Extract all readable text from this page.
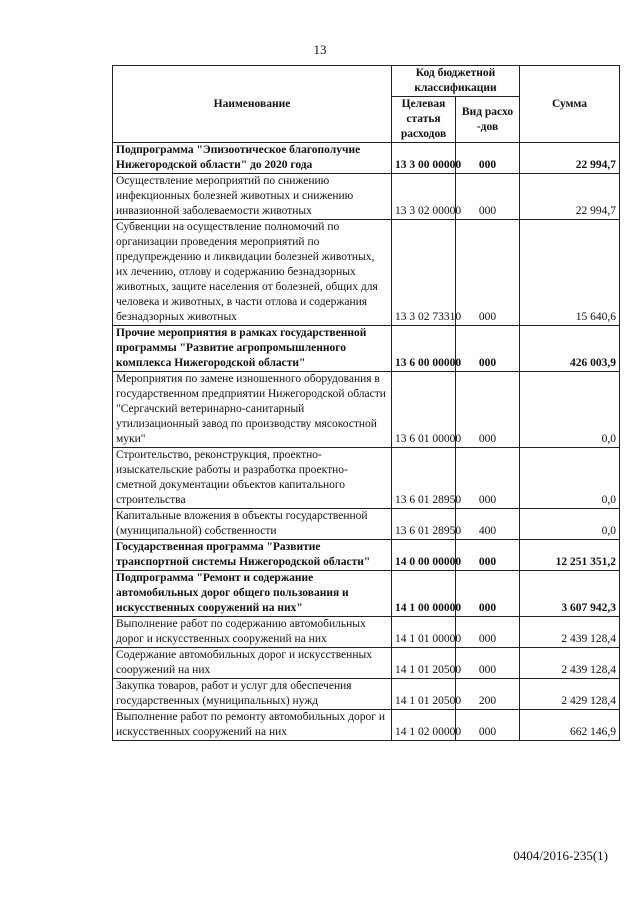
13
Наименование	Код бюджетной классификации		Сумма
	Целевая статья расходов	Вид расхо -дов	
Подпрограмма "Эпизоотическое благополучие Нижегородской области" до 2020 года	13 3 00 00000	000	22 994,7
Осуществление мероприятий по снижению инфекционных болезней животных и снижению инвазионной заболеваемости животных	13 3 02 00000	000	22 994,7
Субвенции на осуществление полномочий по организации проведения мероприятий по предупреждению и ликвидации болезней животных, их лечению, отлову и содержанию безнадзорных животных, защите населения от болезней, общих для человека и животных, в части отлова и содержания безнадзорных животных	13 3 02 73310	000	15 640,6
Прочие мероприятия в рамках государственной программы "Развитие агропромышленного комплекса Нижегородской области"	13 6 00 00000	000	426 003,9
Мероприятия по замене изношенного оборудования в государственном предприятии Нижегородской области "Сергачский ветеринарно-санитарный утилизационный завод по производству мясокостной муки"	13 6 01 00000	000	0,0
Строительство, реконструкция, проектно-изыскательские работы и разработка проектно-сметной документации объектов капитального строительства	13 6 01 28950	000	0,0
Капитальные вложения в объекты государственной (муниципальной) собственности	13 6 01 28950	400	0,0
Государственная программа "Развитие транспортной системы Нижегородской области"	14 0 00 00000	000	12 251 351,2
Подпрограмма "Ремонт и содержание автомобильных дорог общего пользования и искусственных сооружений на них"	14 1 00 00000	000	3 607 942,3
Выполнение работ по содержанию автомобильных дорог и искусственных сооружений на них	14 1 01 00000	000	2 439 128,4
Содержание автомобильных дорог и искусственных сооружений на них	14 1 01 20500	000	2 439 128,4
Закупка товаров, работ и услуг для обеспечения государственных (муниципальных) нужд	14 1 01 20500	200	2 429 128,4
Выполнение работ по ремонту автомобильных дорог и искусственных сооружений на них	14 1 02 00000	000	662 146,9
0404/2016-235(1)
